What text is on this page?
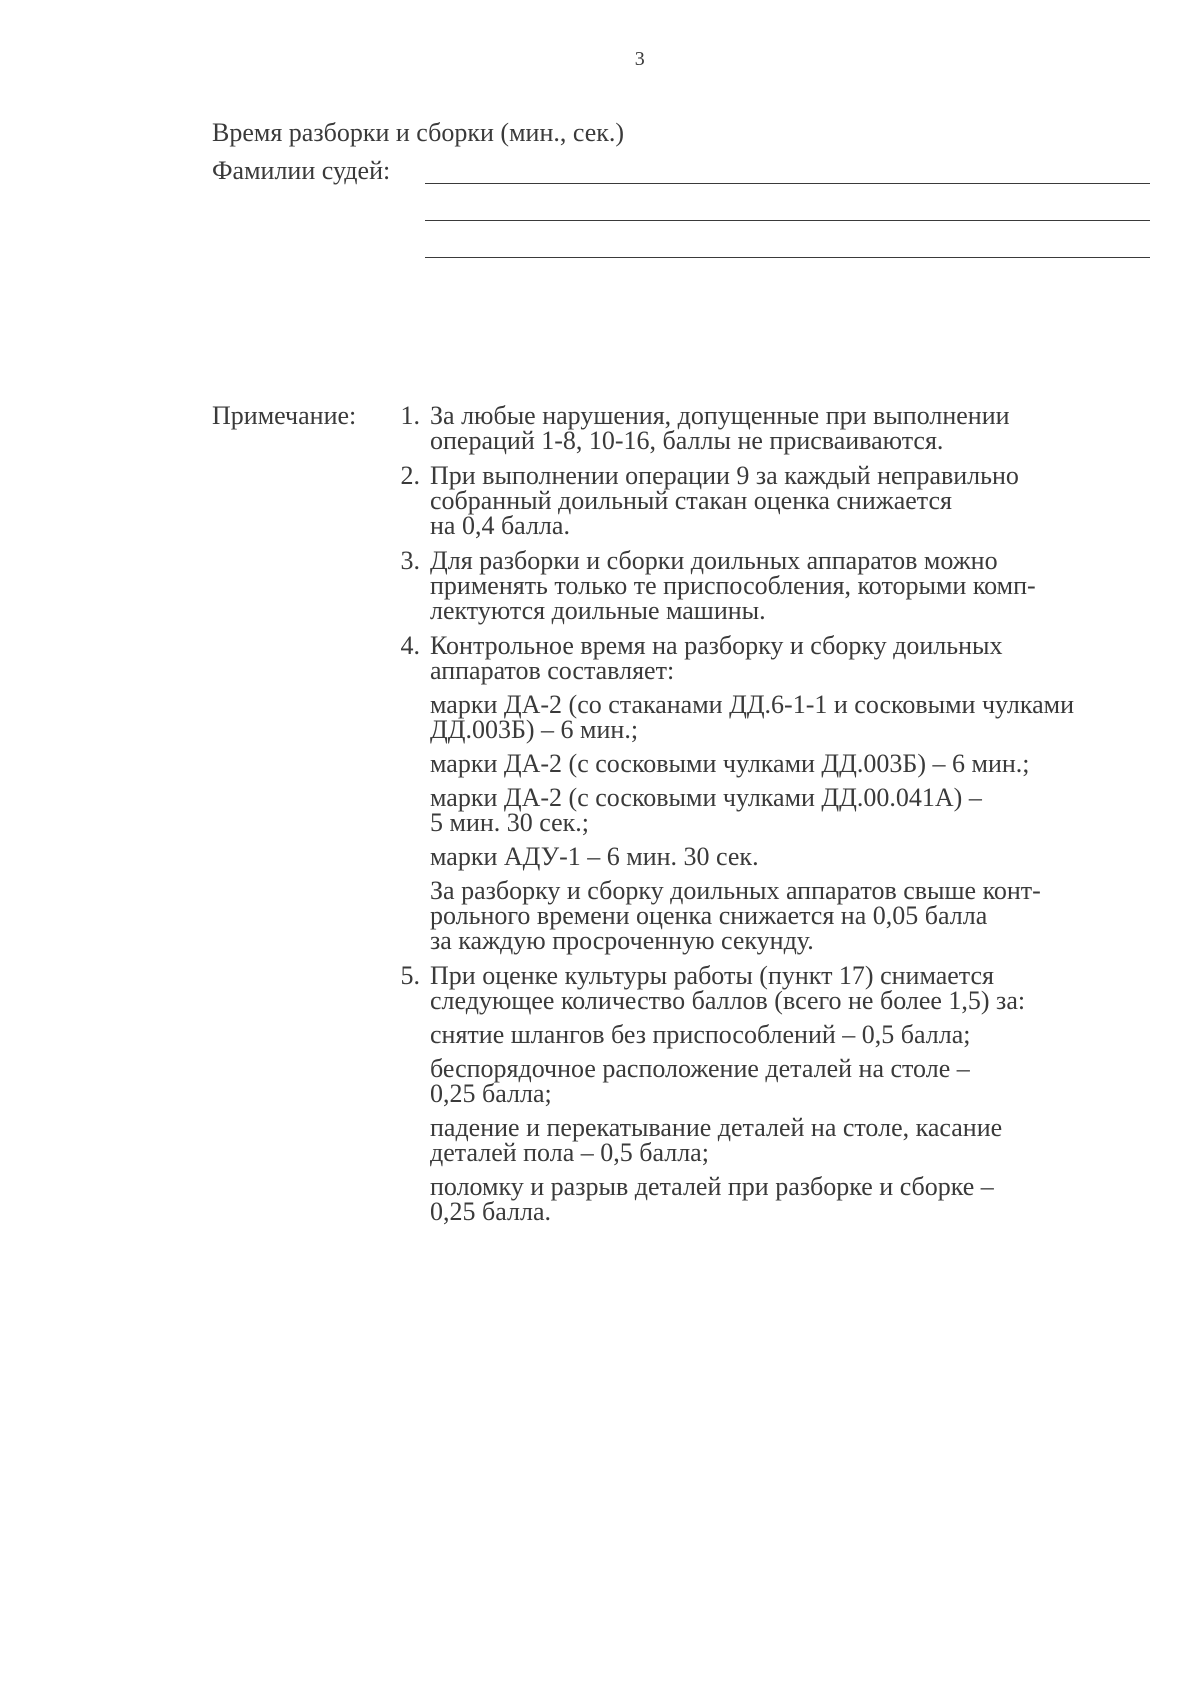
3
Время разборки и сборки (мин., сек.)
Фамилии судей:
Примечание:	1. За любые нарушения, допущенные при выполнении
операций 1-8, 10-16, баллы не присваиваются.
2. При выполнении операции 9 за каждый неправильно
собранный доильный стакан оценка снижается
на 0,4 балла.
3. Для разборки и сборки доильных аппаратов можно
применять только те приспособления, которыми комп-
лектуются доильные машины.
4. Контрольное время на разборку и сборку доильных
аппаратов составляет:
марки ДА-2 (со стаканами ДД.6-1-1 и сосковыми чулками
ДД.003Б) – 6 мин.;
марки ДА-2 (с сосковыми чулками ДД.003Б) – 6 мин.;
марки ДА-2 (с сосковыми чулками ДД.00.041А) –
5 мин. 30 сек.;
марки АДУ-1 – 6 мин. 30 сек.
За разборку и сборку доильных аппаратов свыше конт-
рольного времени оценка снижается на 0,05 балла
за каждую просроченную секунду.
5. При оценке культуры работы (пункт 17) снимается
следующее количество баллов (всего не более 1,5) за:
снятие шлангов без приспособлений – 0,5 балла;
беспорядочное расположение деталей на столе –
0,25 балла;
падение и перекатывание деталей на столе, касание
деталей пола – 0,5 балла;
поломку и разрыв деталей при разборке и сборке –
0,25 балла.
